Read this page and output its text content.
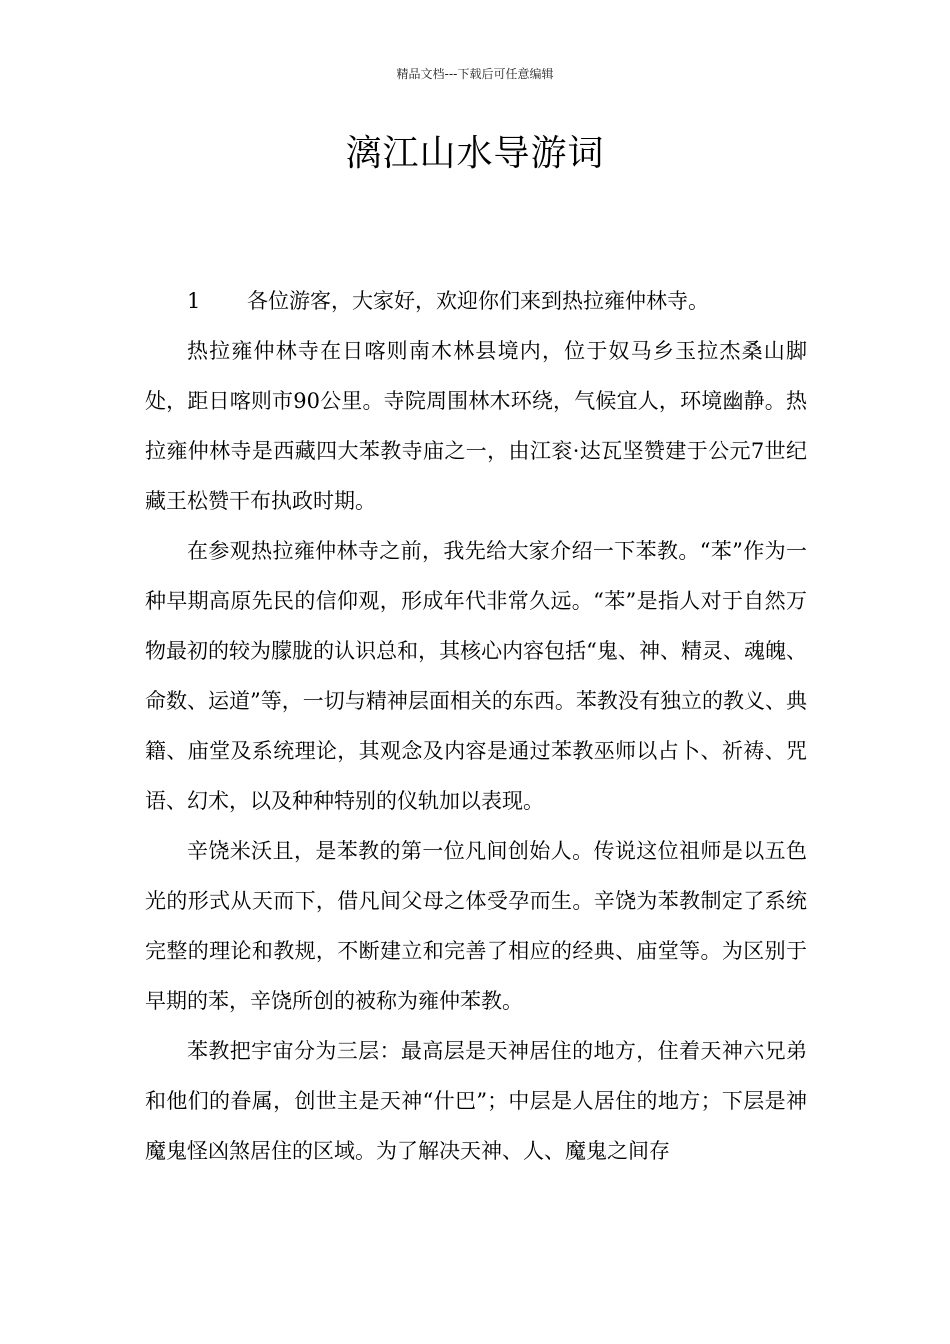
精品文档---下载后可任意编辑
漓江山水导游词
1 各位游客，大家好，欢迎你们来到热拉雍仲林寺。

热拉雍仲林寺在日喀则南木林县境内，位于奴马乡玉拉杰桑山脚处，距日喀则市90公里。寺院周围林木环绕，气候宜人，环境幽静。热拉雍仲林寺是西藏四大苯教寺庙之一，由江衮·达瓦坚赞建于公元7世纪藏王松赞干布执政时期。

在参观热拉雍仲林寺之前，我先给大家介绍一下苯教。“苯”作为一种早期高原先民的信仰观，形成年代非常久远。“苯”是指人对于自然万物最初的较为朦胧的认识总和，其核心内容包括“鬼、神、精灵、魂魄、命数、运道”等，一切与精神层面相关的东西。苯教没有独立的教义、典籍、庙堂及系统理论，其观念及内容是通过苯教巫师以占卜、祈祷、咒语、幻术，以及种种特别的仪轨加以表现。

辛饶米沃且，是苯教的第一位凡间创始人。传说这位祖师是以五色光的形式从天而下，借凡间父母之体受孕而生。辛饶为苯教制定了系统完整的理论和教规，不断建立和完善了相应的经典、庙堂等。为区别于早期的苯，辛饶所创的被称为雍仲苯教。

苯教把宇宙分为三层：最高层是天神居住的地方，住着天神六兄弟和他们的眷属，创世主是天神“什巴”；中层是人居住的地方；下层是神魔鬼怪凶煞居住的区域。为了解决天神、人、魔鬼之间存
